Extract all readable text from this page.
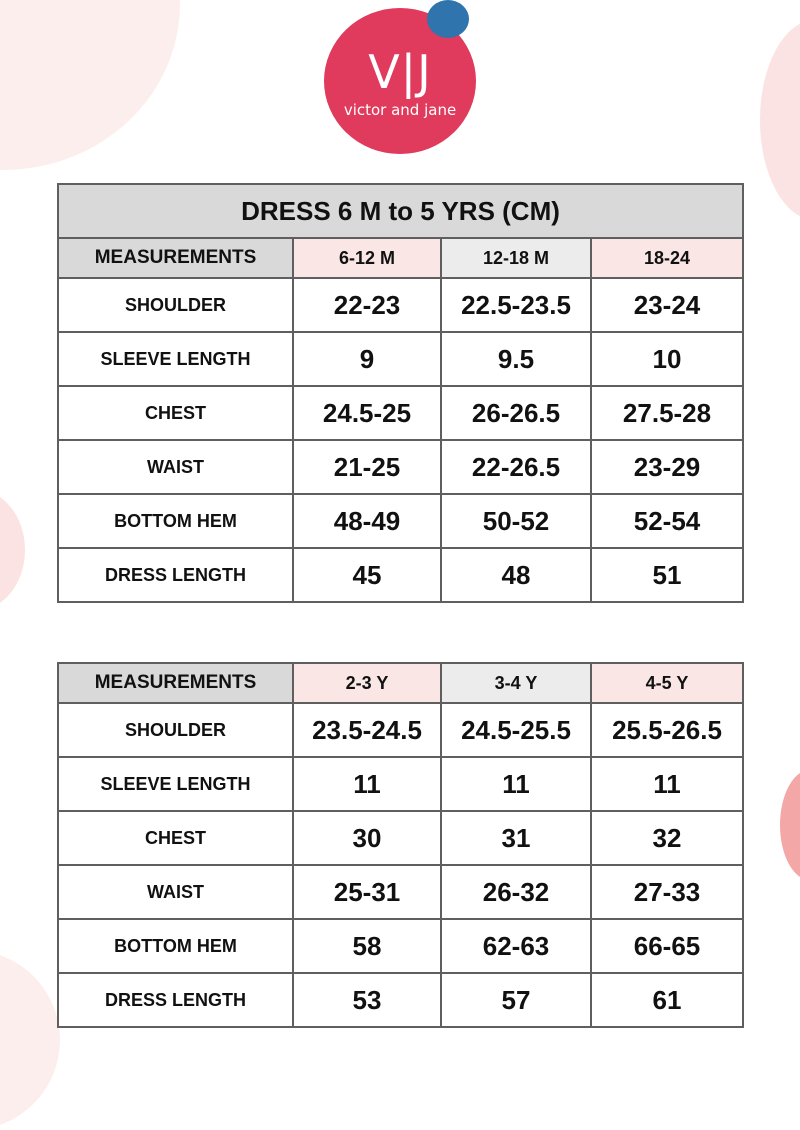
V|J
victor and jane
DRESS 6 M to 5 YRS (CM)			
MEASUREMENTS	6-12 M	12-18 M	18-24
SHOULDER	22-23	22.5-23.5	23-24
SLEEVE LENGTH	9	9.5	10
CHEST	24.5-25	26-26.5	27.5-28
WAIST	21-25	22-26.5	23-29
BOTTOM HEM	48-49	50-52	52-54
DRESS LENGTH	45	48	51
MEASUREMENTS	2-3 Y	3-4 Y	4-5 Y
SHOULDER	23.5-24.5	24.5-25.5	25.5-26.5
SLEEVE LENGTH	11	11	11
CHEST	30	31	32
WAIST	25-31	26-32	27-33
BOTTOM HEM	58	62-63	66-65
DRESS LENGTH	53	57	61
